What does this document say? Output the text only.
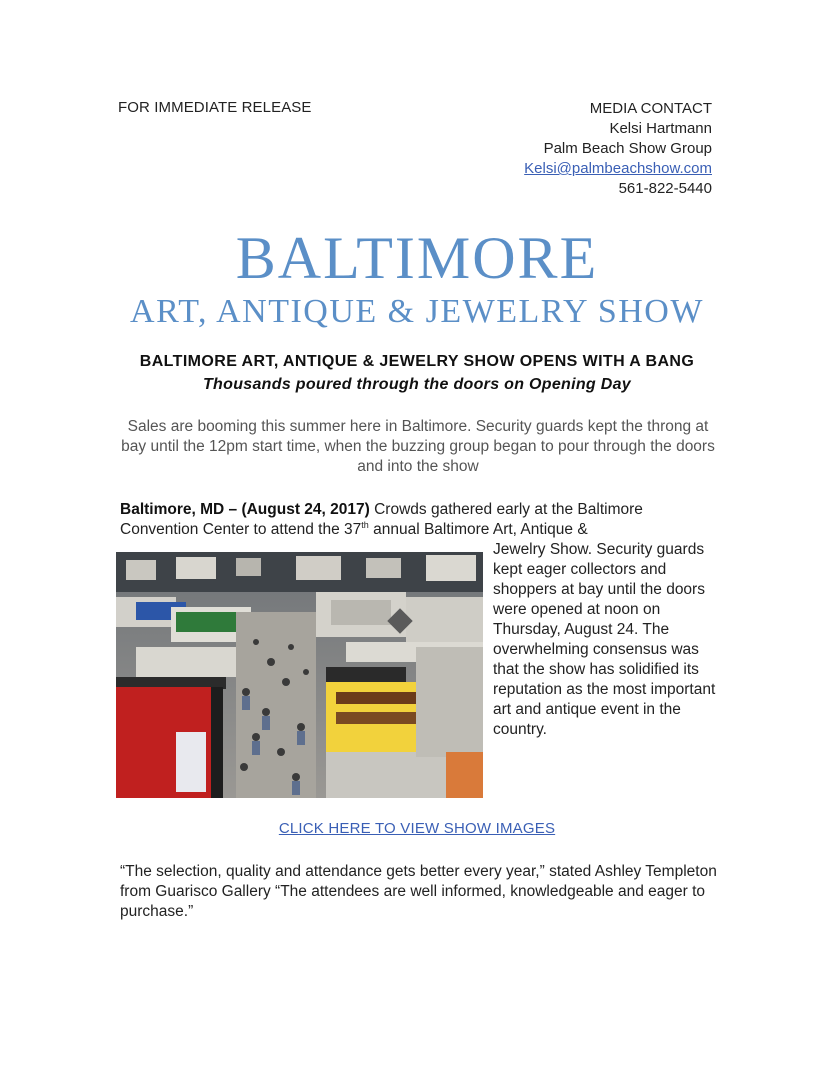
FOR IMMEDIATE RELEASE	MEDIA CONTACT
Kelsi Hartmann
Palm Beach Show Group
Kelsi@palmbeachshow.com
561-822-5440
BALTIMORE
ART, ANTIQUE & JEWELRY SHOW
BALTIMORE ART, ANTIQUE & JEWELRY SHOW OPENS WITH A BANG
Thousands poured through the doors on Opening Day
Sales are booming this summer here in Baltimore. Security guards kept the throng at bay until the 12pm start time, when the buzzing group began to pour through the doors and into the show
Baltimore, MD – (August 24, 2017) Crowds gathered early at the Baltimore Convention Center to attend the 37th annual Baltimore Art, Antique &
Jewelry Show. Security guards kept eager collectors and shoppers at bay until the doors were opened at noon on Thursday, August 24. The overwhelming consensus was that the show has solidified its reputation as the most important art and antique event in the country.
CLICK HERE TO VIEW SHOW IMAGES
“The selection, quality and attendance gets better every year,” stated Ashley Templeton from Guarisco Gallery “The attendees are well informed, knowledgeable and eager to purchase.”
